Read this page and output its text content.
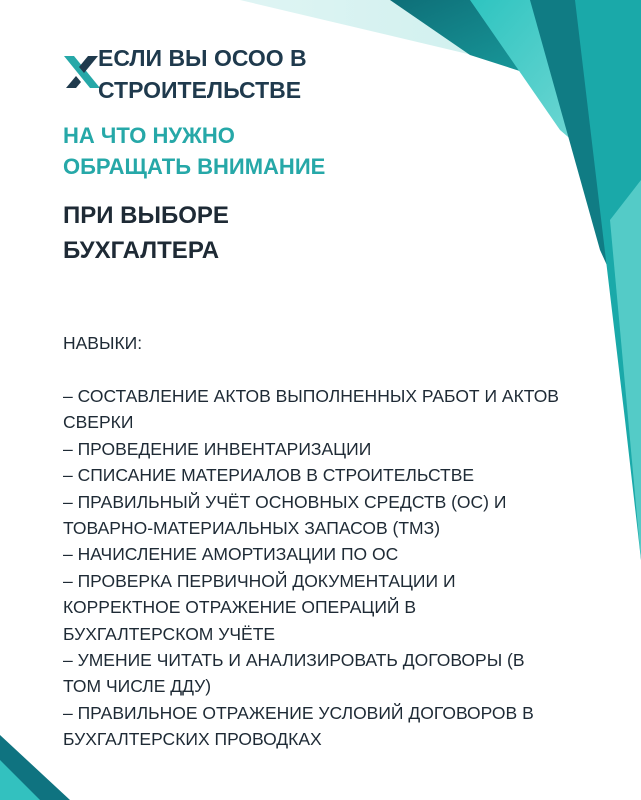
ЕСЛИ ВЫ ОСОО В
СТРОИТЕЛЬСТВЕ
НА ЧТО НУЖНО
ОБРАЩАТЬ ВНИМАНИЕ
ПРИ ВЫБОРЕ
БУХГАЛТЕРА

НАВЫКИ:

– СОСТАВЛЕНИЕ АКТОВ ВЫПОЛНЕННЫХ РАБОТ И АКТОВ СВЕРКИ
– ПРОВЕДЕНИЕ ИНВЕНТАРИЗАЦИИ
– СПИСАНИЕ МАТЕРИАЛОВ В СТРОИТЕЛЬСТВЕ
– ПРАВИЛЬНЫЙ УЧЁТ ОСНОВНЫХ СРЕДСТВ (ОС) И ТОВАРНО-МАТЕРИАЛЬНЫХ ЗАПАСОВ (ТМЗ)
– НАЧИСЛЕНИЕ АМОРТИЗАЦИИ ПО ОС
– ПРОВЕРКА ПЕРВИЧНОЙ ДОКУМЕНТАЦИИ И КОРРЕКТНОЕ ОТРАЖЕНИЕ ОПЕРАЦИЙ В БУХГАЛТЕРСКОМ УЧЁТЕ
– УМЕНИЕ ЧИТАТЬ И АНАЛИЗИРОВАТЬ ДОГОВОРЫ (В ТОМ ЧИСЛЕ ДДУ)
– ПРАВИЛЬНОЕ ОТРАЖЕНИЕ УСЛОВИЙ ДОГОВОРОВ В БУХГАЛТЕРСКИХ ПРОВОДКАХ
